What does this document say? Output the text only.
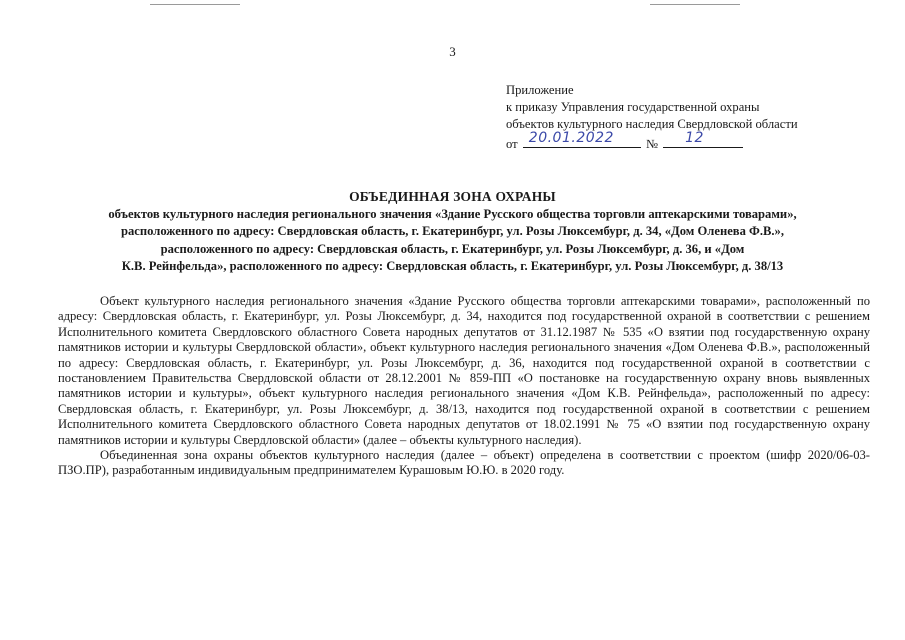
3
Приложение
к приказу Управления государственной охраны
объектов культурного наследия Свердловской области
от 20.01.2022	№ 12
ОБЪЕДИННАЯ ЗОНА ОХРАНЫ
объектов культурного наследия регионального значения «Здание Русского общества торговли аптекарскими товарами»,
расположенного по адресу: Свердловская область, г. Екатеринбург, ул. Розы Люксембург, д. 34, «Дом Оленева Ф.В.»,
расположенного по адресу: Свердловская область, г. Екатеринбург, ул. Розы Люксембург, д. 36, и «Дом
К.В. Рейнфельда», расположенного по адресу: Свердловская область, г. Екатеринбург, ул. Розы Люксембург, д. 38/13

Объект культурного наследия регионального значения «Здание Русского общества торговли аптекарскими товарами», расположенный по адресу: Свердловская область, г. Екатеринбург, ул. Розы Люксембург, д. 34, находится под государственной охраной в соответствии с решением Исполнительного комитета Свердловского областного Совета народных депутатов от 31.12.1987 № 535 «О взятии под государственную охрану памятников истории и культуры Свердловской области», объект культурного наследия регионального значения «Дом Оленева Ф.В.», расположенный по адресу: Свердловская область, г. Екатеринбург, ул. Розы Люксембург, д. 36, находится под государственной охраной в соответствии с постановлением Правительства Свердловской области от 28.12.2001 № 859-ПП «О постановке на государственную охрану вновь выявленных памятников истории и культуры», объект культурного наследия регионального значения «Дом К.В. Рейнфельда», расположенный по адресу: Свердловская область, г. Екатеринбург, ул. Розы Люксембург, д. 38/13, находится под государственной охраной в соответствии с решением Исполнительного комитета Свердловского областного Совета народных депутатов от 18.02.1991 № 75 «О взятии под государственную охрану памятников истории и культуры Свердловской области» (далее – объекты культурного наследия).

Объединенная зона охраны объектов культурного наследия (далее – объект) определена в соответствии с проектом (шифр 2020/06-03-ПЗО.ПР), разработанным индивидуальным предпринимателем Курашовым Ю.Ю. в 2020 году.
